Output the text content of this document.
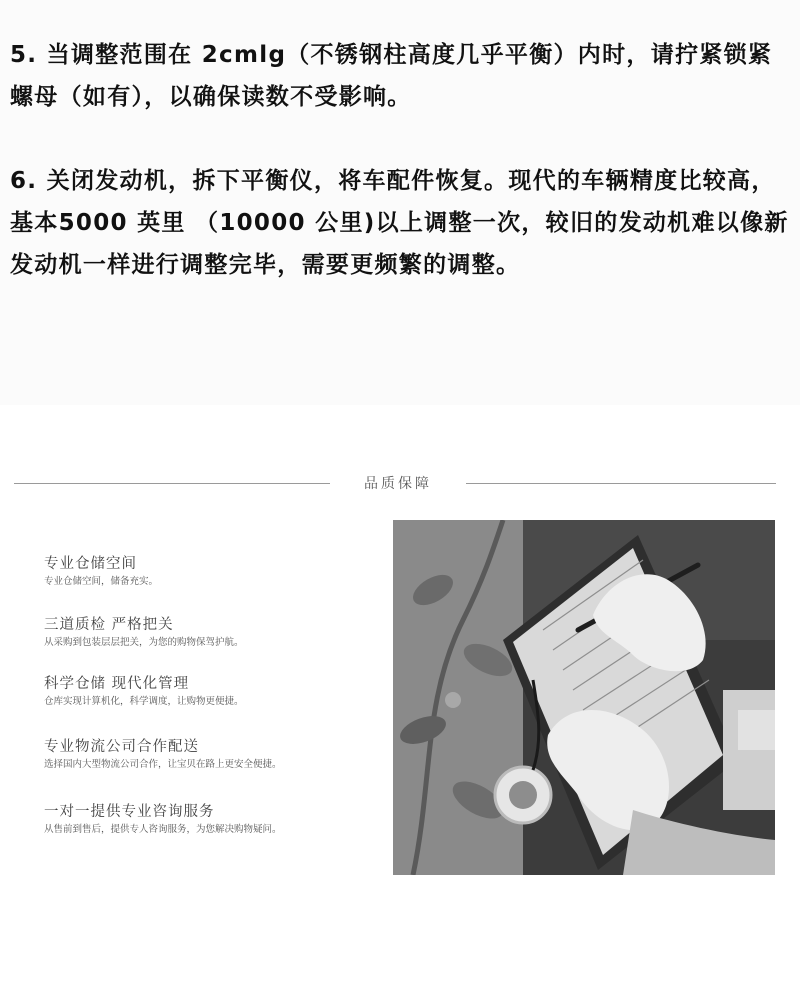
5. 当调整范围在 2cmlg（不锈钢柱高度几乎平衡）内时，请拧紧锁紧螺母（如有），以确保读数不受影响。

6. 关闭发动机，拆下平衡仪，将车配件恢复。现代的车辆精度比较高，基本5000 英里 （10000 公里)以上调整一次，较旧的发动机难以像新发动机一样进行调整完毕，需要更频繁的调整。

品质保障
专业仓储空间
专业仓储空间，储备充实。
三道质检 严格把关
从采购到包装层层把关，为您的购物保驾护航。
科学仓储 现代化管理
仓库实现计算机化，科学调度，让购物更便捷。
专业物流公司合作配送
选择国内大型物流公司合作，让宝贝在路上更安全便捷。
一对一提供专业咨询服务
从售前到售后，提供专人咨询服务，为您解决购物疑问。
